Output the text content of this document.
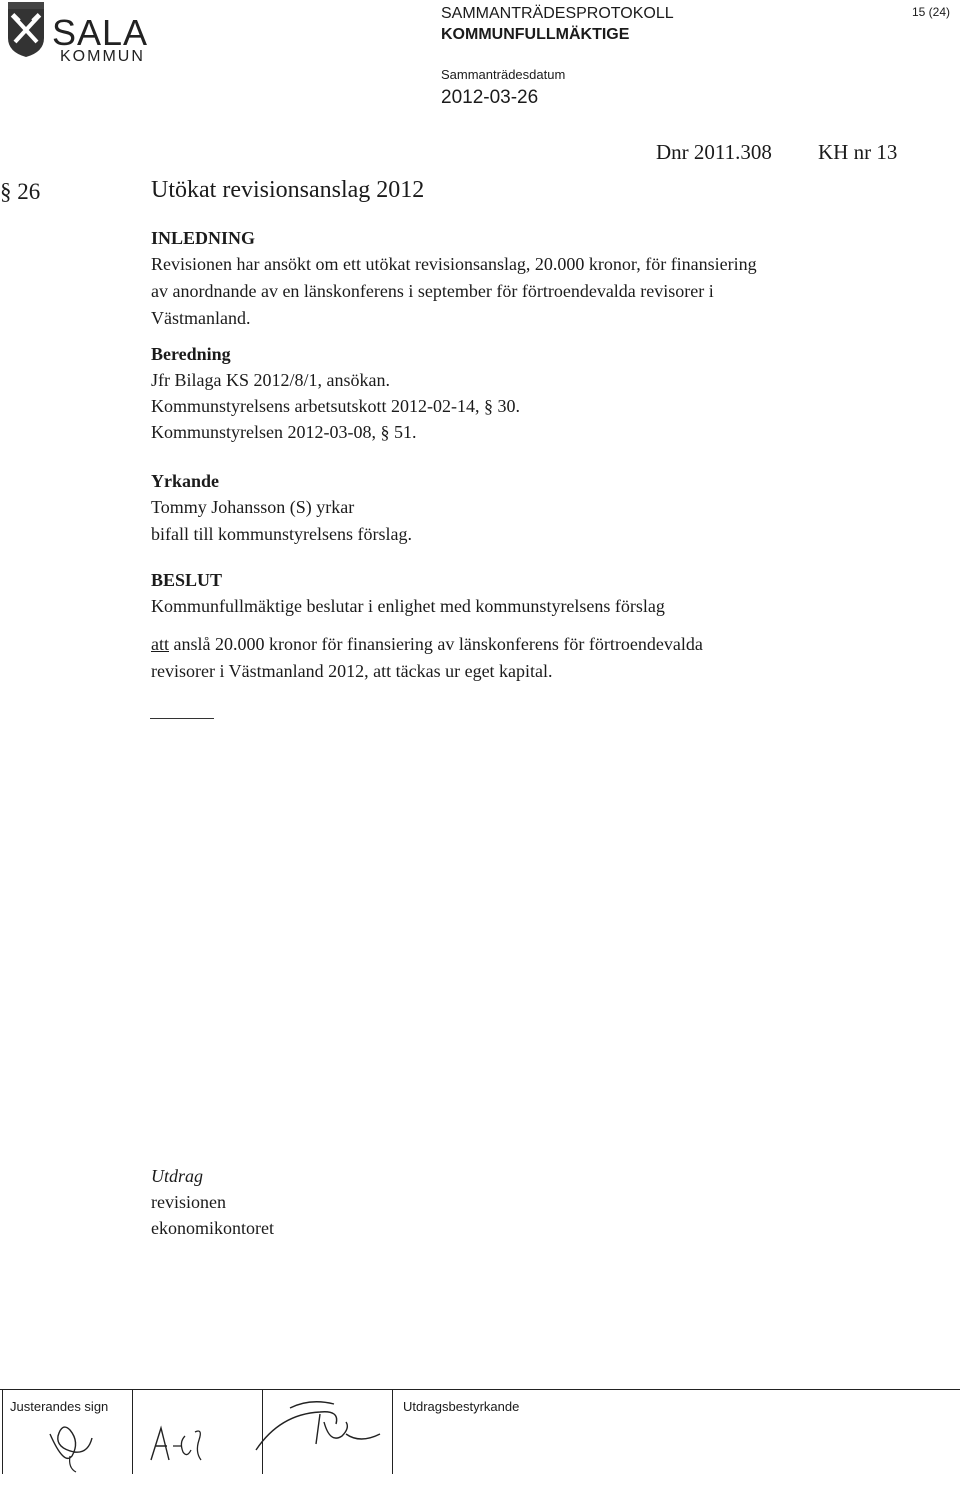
SALA
KOMMUN
SAMMANTRÄDESPROTOKOLL
KOMMUNFULLMÄKTIGE
Sammanträdesdatum
2012-03-26
15 (24)
Dnr 2011.308 KH nr 13
§ 26	Utökat revisionsanslag 2012
INLEDNING
Revisionen har ansökt om ett utökat revisionsanslag, 20.000 kronor, för finansiering
av anordnande av en länskonferens i september för förtroendevalda revisorer i
Västmanland.
Beredning
Jfr Bilaga KS 2012/8/1, ansökan.
Kommunstyrelsens arbetsutskott 2012-02-14, § 30.
Kommunstyrelsen 2012-03-08, § 51.
Yrkande
Tommy Johansson (S) yrkar
bifall till kommunstyrelsens förslag.
BESLUT
Kommunfullmäktige beslutar i enlighet med kommunstyrelsens förslag
att anslå 20.000 kronor för finansiering av länskonferens för förtroendevalda
revisorer i Västmanland 2012, att täckas ur eget kapital.
Utdrag
revisionen
ekonomikontoret
Justerandes sign	Utdragsbestyrkande
